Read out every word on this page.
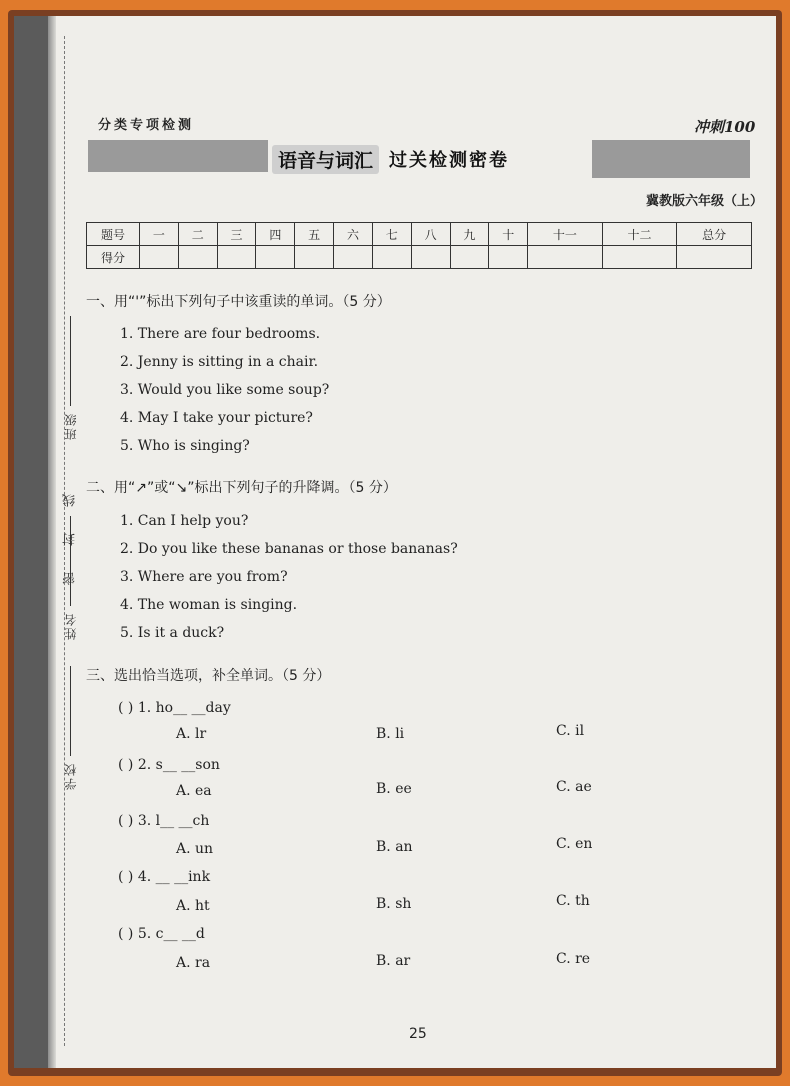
班级
姓名
学校
线
封
密
分类专项检测	冲刺100
语音与词汇 过关检测密卷
冀教版六年级（上）
题号	一	二	三	四	五	六	七	八	九	十	十一	十二	总分
得分													
一、用“'”标出下列句子中该重读的单词。（5 分）
1. There are four bedrooms.
2. Jenny is sitting in a chair.
3. Would you like some soup?
4. May I take your picture?
5. Who is singing?
二、用“↗”或“↘”标出下列句子的升降调。（5 分）
1. Can I help you?
2. Do you like these bananas or those bananas?
3. Where are you from?
4. The woman is singing.
5. Is it a duck?
三、选出恰当选项，补全单词。（5 分）
( ) 1. ho__ __day
A. lr	B. li	C. il
( ) 2. s__ __son
A. ea	B. ee	C. ae
( ) 3. l__ __ch
A. un	B. an	C. en
( ) 4. __ __ink
A. ht	B. sh	C. th
( ) 5. c__ __d
A. ra	B. ar	C. re
25
